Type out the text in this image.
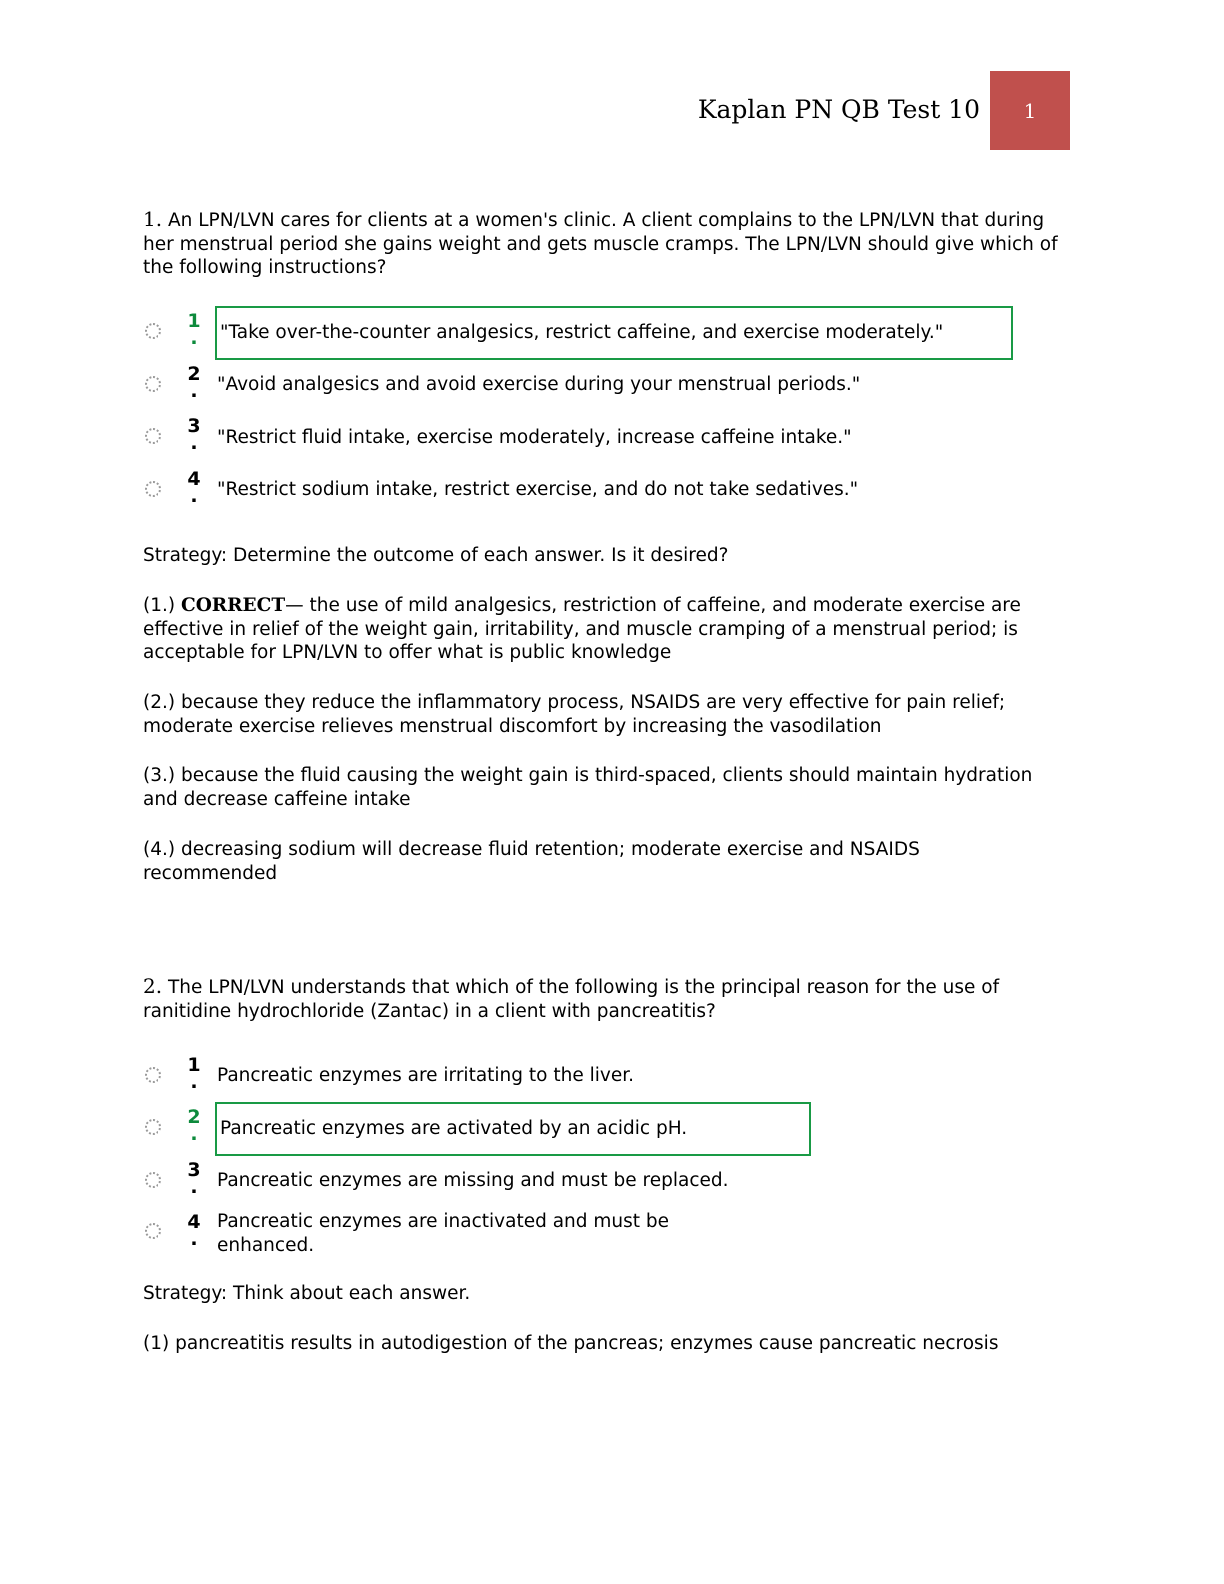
Kaplan PN QB Test 10 1
1. An LPN/LVN cares for clients at a women's clinic. A client complains to the LPN/LVN that during her menstrual period she gains weight and gets muscle cramps. The LPN/LVN should give which of the following instructions?
1
.	"Take over-the-counter analgesics, restrict caffeine, and exercise moderately."
2
.	"Avoid analgesics and avoid exercise during your menstrual periods."
3
.	"Restrict fluid intake, exercise moderately, increase caffeine intake."
4
.	"Restrict sodium intake, restrict exercise, and do not take sedatives."
Strategy: Determine the outcome of each answer. Is it desired?
(1.) CORRECT— the use of mild analgesics, restriction of caffeine, and moderate exercise are effective in relief of the weight gain, irritability, and muscle cramping of a menstrual period; is acceptable for LPN/LVN to offer what is public knowledge
(2.) because they reduce the inflammatory process, NSAIDS are very effective for pain relief; moderate exercise relieves menstrual discomfort by increasing the vasodilation
(3.) because the fluid causing the weight gain is third-spaced, clients should maintain hydration and decrease caffeine intake
(4.) decreasing sodium will decrease fluid retention; moderate exercise and NSAIDS recommended
2. The LPN/LVN understands that which of the following is the principal reason for the use of ranitidine hydrochloride (Zantac) in a client with pancreatitis?
1
.	Pancreatic enzymes are irritating to the liver.
2
.	Pancreatic enzymes are activated by an acidic pH.
3
.	Pancreatic enzymes are missing and must be replaced.
4
.
Pancreatic enzymes are inactivated and must be enhanced.
Strategy: Think about each answer.
(1) pancreatitis results in autodigestion of the pancreas; enzymes cause pancreatic necrosis
